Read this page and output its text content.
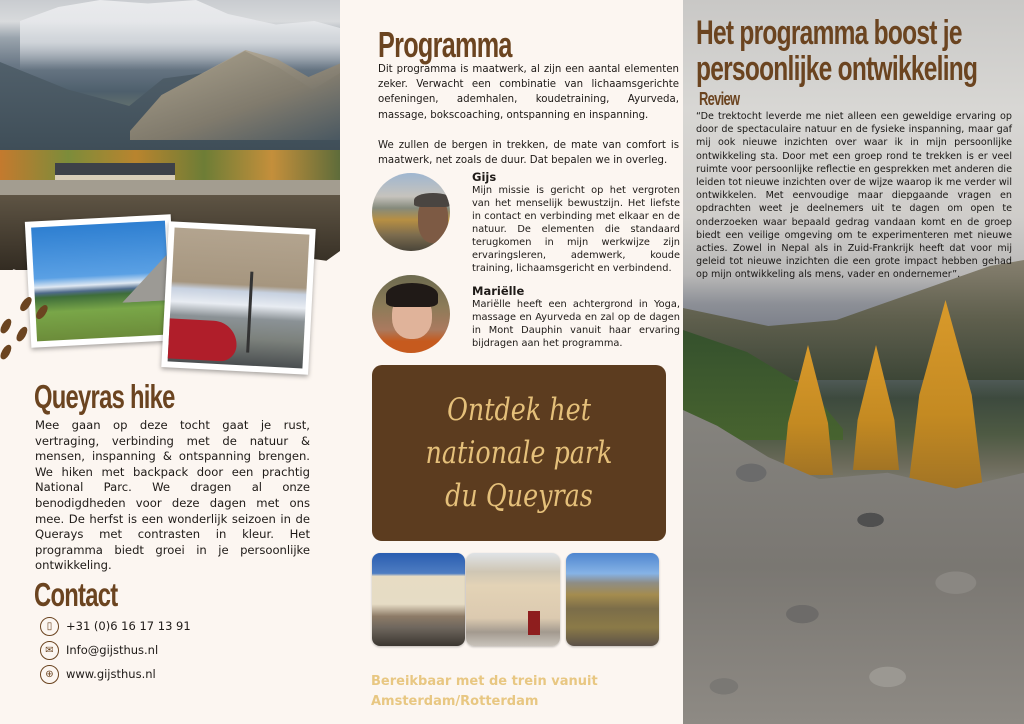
Queyras hike

Mee gaan op deze tocht gaat je rust, vertraging, verbinding met de natuur & mensen, inspanning & ontspanning brengen. We hiken met backpack door een prachtig National Parc. We dragen al onze benodigdheden voor deze dagen met ons mee. De herfst is een wonderlijk seizoen in de Querays met contrasten in kleur. Het programma biedt groei in je persoonlijke ontwikkeling.

Contact
▯	+31 (0)6 16 17 13 91
✉	Info@gijsthus.nl
⊕	www.gijsthus.nl
Programma

Dit programma is maatwerk, al zijn een aantal elementen zeker. Verwacht een combinatie van lichaamsgerichte oefeningen, ademhalen, koudetraining, Ayurveda, massage, bokscoaching, ontspanning en inspanning.

We zullen de bergen in trekken, de mate van comfort is maatwerk, net zoals de duur. Dat bepalen we in overleg.

Gijs
Mijn missie is gericht op het vergroten van het menselijk bewustzijn. Het liefste in contact en verbinding met elkaar en de natuur. De elementen die standaard terugkomen in mijn werkwijze zijn ervaringsleren, ademwerk, koude training, lichaamsgericht en verbindend.
Mariëlle
Mariëlle heeft een achtergrond in Yoga, massage en Ayurveda en zal op de dagen in Mont Dauphin vanuit haar ervaring bijdragen aan het programma.
Ontdek het nationale park du Queyras
Bereikbaar met de trein vanuit
Amsterdam/Rotterdam
Het programma boost je
persoonlijke ontwikkeling
Review

“De trektocht leverde me niet alleen een geweldige ervaring op door de spectaculaire natuur en de fysieke inspanning, maar gaf mij ook nieuwe inzichten over waar ik in mijn persoonlijke ontwikkeling sta. Door met een groep rond te trekken is er veel ruimte voor persoonlijke reflectie en gesprekken met anderen die leiden tot nieuwe inzichten over de wijze waarop ik me verder wil ontwikkelen. Met eenvoudige maar diepgaande vragen en opdrachten weet je deelnemers uit te dagen om open te onderzoeken waar bepaald gedrag vandaan komt en de groep biedt een veilige omgeving om te experimenteren met nieuwe acties. Zowel in Nepal als in Zuid-Frankrijk heeft dat voor mij geleid tot nieuwe inzichten die een grote impact hebben gehad op mijn ontwikkeling als mens, vader en ondernemer”.
